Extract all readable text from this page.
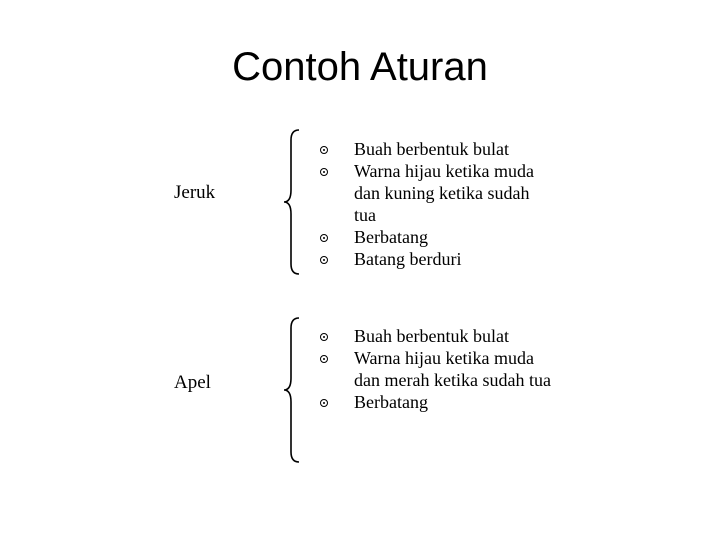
Contoh Aturan
Jeruk
Buah berbentuk bulat
Warna hijau ketika muda dan kuning ketika sudah tua
Berbatang
Batang berduri
Apel
Buah berbentuk bulat
Warna hijau ketika muda dan merah ketika sudah tua
Berbatang
